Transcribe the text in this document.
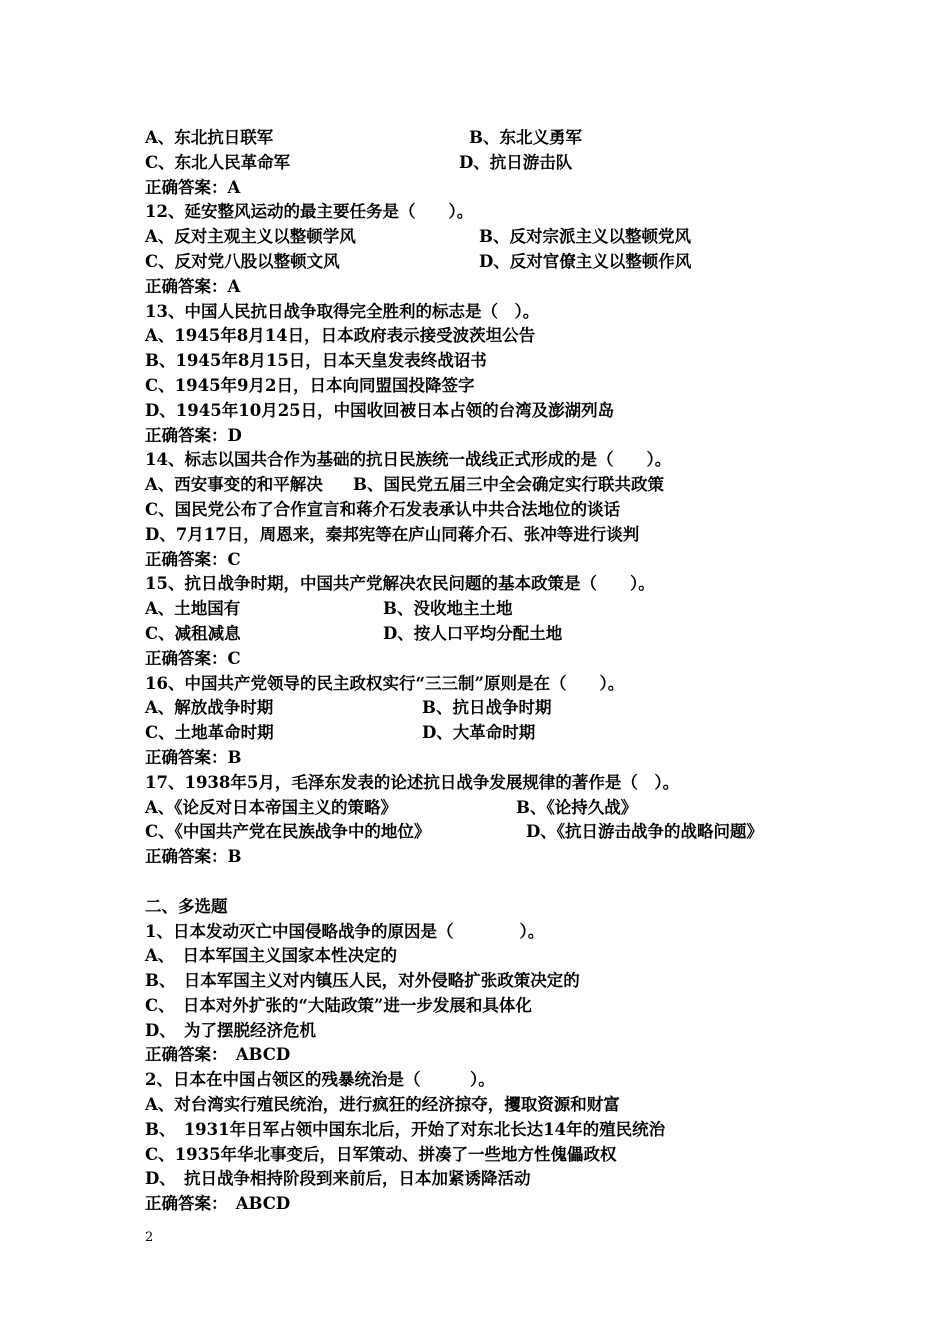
A、东北抗日联军	B、东北义勇军
C、东北人民革命军	D、抗日游击队
正确答案：A
12、延安整风运动的最主要任务是（　　）。
A、反对主观主义以整顿学风	B、反对宗派主义以整顿党风
C、反对党八股以整顿文风	D、反对官僚主义以整顿作风
正确答案：A
13、中国人民抗日战争取得完全胜利的标志是（　）。
A、1945年8月14日，日本政府表示接受波茨坦公告
B、1945年8月15日，日本天皇发表终战诏书
C、1945年9月2日，日本向同盟国投降签字
D、1945年10月25日，中国收回被日本占领的台湾及澎湖列岛
正确答案：D
14、标志以国共合作为基础的抗日民族统一战线正式形成的是（　　）。
A、西安事变的和平解决 B、国民党五届三中全会确定实行联共政策
C、国民党公布了合作宣言和蒋介石发表承认中共合法地位的谈话
D、7月17日，周恩来，秦邦宪等在庐山同蒋介石、张冲等进行谈判
正确答案：C
15、抗日战争时期，中国共产党解决农民问题的基本政策是（　　）。
A、土地国有	B、没收地主土地
C、减租减息	D、按人口平均分配土地
正确答案：C
16、中国共产党领导的民主政权实行“三三制”原则是在（　　）。
A、解放战争时期	B、抗日战争时期
C、土地革命时期	D、大革命时期
正确答案：B
17、1938年5月，毛泽东发表的论述抗日战争发展规律的著作是（　）。
A、《论反对日本帝国主义的策略》	B、《论持久战》
C、《中国共产党在民族战争中的地位》	D、《抗日游击战争的战略问题》
正确答案：B
二、多选题
1、日本发动灭亡中国侵略战争的原因是（　　　　）。
A、　日本军国主义国家本性决定的
B、　日本军国主义对内镇压人民，对外侵略扩张政策决定的
C、　日本对外扩张的“大陆政策”进一步发展和具体化
D、　为了摆脱经济危机
正确答案：　ABCD
2、日本在中国占领区的残暴统治是（　　　）。
A、对台湾实行殖民统治，进行疯狂的经济掠夺，攫取资源和财富
B、　1931年日军占领中国东北后，开始了对东北长达14年的殖民统治
C、1935年华北事变后，日军策动、拼凑了一些地方性傀儡政权
D、　抗日战争相持阶段到来前后，日本加紧诱降活动
正确答案：　ABCD
2
